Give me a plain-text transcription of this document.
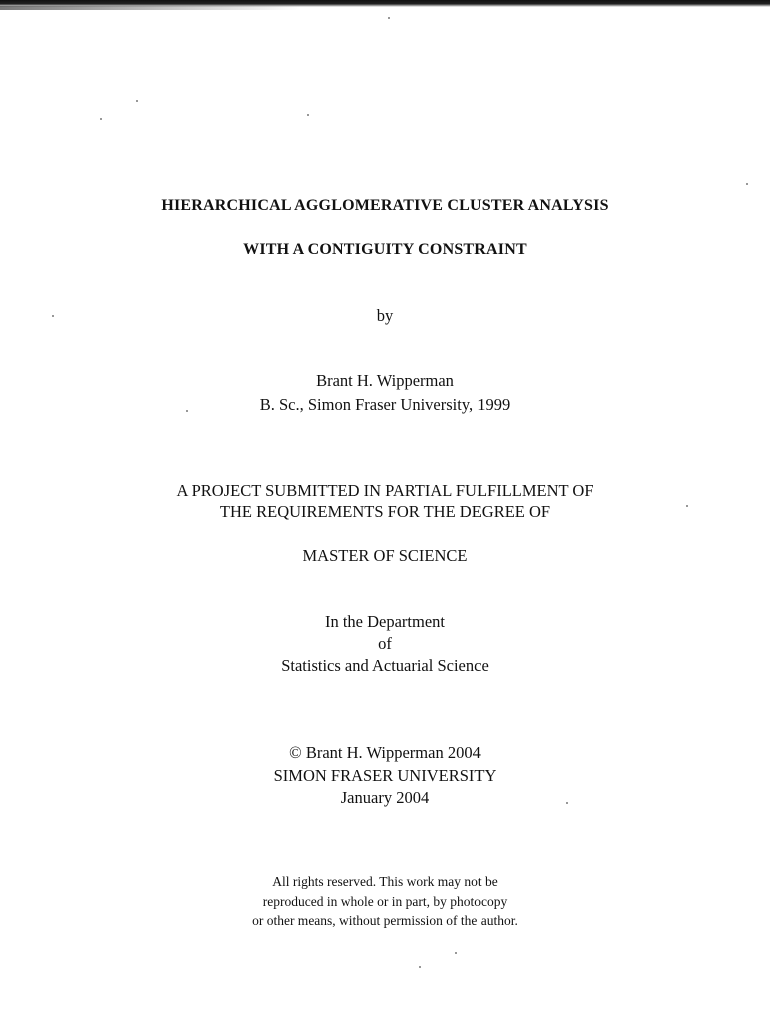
HIERARCHICAL AGGLOMERATIVE CLUSTER ANALYSIS
WITH A CONTIGUITY CONSTRAINT
by
Brant H. Wipperman
B. Sc., Simon Fraser University, 1999
A PROJECT SUBMITTED IN PARTIAL FULFILLMENT OF
THE REQUIREMENTS FOR THE DEGREE OF
MASTER OF SCIENCE
In the Department
of
Statistics and Actuarial Science
© Brant H. Wipperman 2004
SIMON FRASER UNIVERSITY
January 2004
All rights reserved. This work may not be
reproduced in whole or in part, by photocopy
or other means, without permission of the author.
